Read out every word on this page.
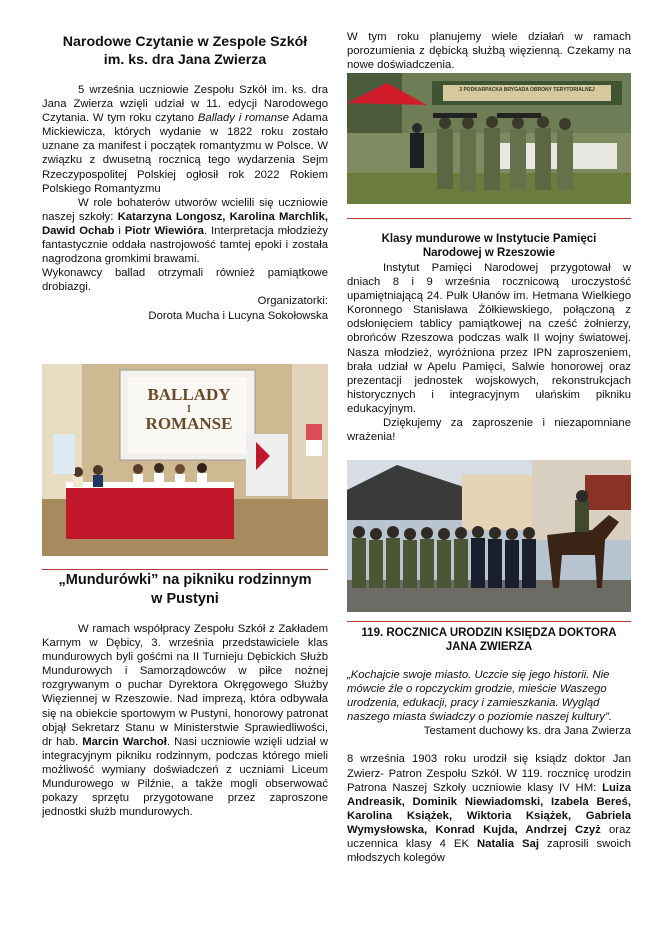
Narodowe Czytanie w Zespole Szkół
im. ks. dra Jana Zwierza

5 września uczniowie Zespołu Szkół im. ks. dra Jana Zwierza wzięli udział w 11. edycji Narodowego Czytania. W tym roku czytano Ballady i romanse Adama Mickiewicza, których wydanie w 1822 roku zostało uznane za manifest i początek romantyzmu w Polsce. W związku z dwusetną rocznicą tego wydarzenia Sejm Rzeczypospolitej Polskiej ogłosił rok 2022 Rokiem Polskiego Romantyzmu

W role bohaterów utworów wcielili się uczniowie naszej szkoły: Katarzyna Longosz, Karolina Marchlik, Dawid Ochab i Piotr Wiewióra. Interpretacja młodzieży fantastycznie oddała nastrojowość tamtej epoki i została nagrodzona gromkimi brawami.

Wykonawcy ballad otrzymali również pamiątkowe drobiazgi.

Organizatorki:

Dorota Mucha i Lucyna Sokołowska

BALLADY
I
ROMANSE
„Mundurówki” na pikniku rodzinnym
w Pustyni

W ramach współpracy Zespołu Szkół z Zakładem Karnym w Dębicy, 3. września przedstawiciele klas mundurowych byli gośćmi na II Turnieju Dębickich Służb Mundurowych i Samorządowców w piłce nożnej rozgrywanym o puchar Dyrektora Okręgowego Służby Więziennej w Rzeszowie. Nad imprezą, która odbywała się na obiekcie sportowym w Pustyni, honorowy patronat objął Sekretarz Stanu w Ministerstwie Sprawiedliwości, dr hab. Marcin Warchoł. Nasi uczniowie wzięli udział w integracyjnym pikniku rodzinnym, podczas którego mieli możliwość wymiany doświadczeń z uczniami Liceum Mundurowego w Pilźnie, a także mogli obserwować pokazy sprzętu przygotowane przez zaproszone jednostki służb mundurowych.

W tym roku planujemy wiele działań w ramach porozumienia z dębicką służbą więzienną. Czekamy na nowe doświadczenia.

3 PODKARPACKA BRYGADA OBRONY TERYTORIALNEJ
Klasy mundurowe w Instytucie Pamięci
Narodowej w Rzeszowie

Instytut Pamięci Narodowej przygotował w dniach 8 i 9 września rocznicową uroczystość upamiętniającą 24. Pułk Ułanów im. Hetmana Wielkiego Koronnego Stanisława Żółkiewskiego, połączoną z odsłonięciem tablicy pamiątkowej na cześć żołnierzy, obrońców Rzeszowa podczas walk II wojny światowej. Nasza młodzież, wyróżniona przez IPN zaproszeniem, brała udział w Apelu Pamięci, Salwie honorowej oraz prezentacji jednostek wojskowych, rekonstrukcjach historycznych i integracyjnym ułańskim pikniku edukacyjnym.

Dziękujemy za zaproszenie i niezapomniane wrażenia!

119. ROCZNICA URODZIN KSIĘDZA DOKTORA
JANA ZWIERZA

„Kochajcie swoje miasto. Uczcie się jego historii. Nie mówcie źle o ropczyckim grodzie, mieście Waszego urodzenia, edukacji, pracy i zamieszkania. Wygląd naszego miasta świadczy o poziomie naszej kultury”.

Testament duchowy ks. dra Jana Zwierza

8 września 1903 roku urodził się ksiądz doktor Jan Zwierz- Patron Zespołu Szkół. W 119. rocznicę urodzin Patrona Naszej Szkoły uczniowie klasy IV HM: Luiza Andreasik, Dominik Niewiadomski, Izabela Bereś, Karolina Książek, Wiktoria Książek, Gabriela Wymysłowska, Konrad Kujda, Andrzej Czyż oraz uczennica klasy 4 EK Natalia Saj zaprosili swoich młodszych kolegów
